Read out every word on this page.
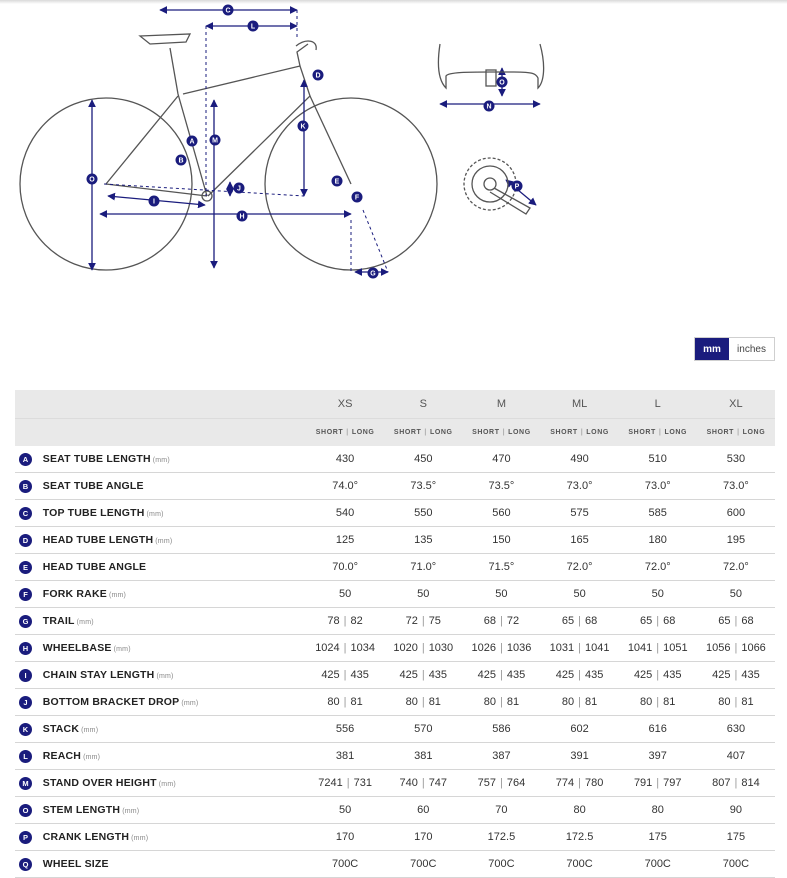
A
B
C
D
E
F
G
H
I
J
K
L
M
N
O
P
O
mm	inches
		XS	S	M	ML	L	XL
		SHORT | LONG	SHORT | LONG	SHORT | LONG	SHORT | LONG	SHORT | LONG	SHORT | LONG
A	SEAT TUBE LENGTH (mm)	430	450	470	490	510	530
B	SEAT TUBE ANGLE	74.0°	73.5°	73.5°	73.0°	73.0°	73.0°
C	TOP TUBE LENGTH (mm)	540	550	560	575	585	600
D	HEAD TUBE LENGTH (mm)	125	135	150	165	180	195
E	HEAD TUBE ANGLE	70.0°	71.0°	71.5°	72.0°	72.0°	72.0°
F	FORK RAKE (mm)	50	50	50	50	50	50
G	TRAIL (mm)	78 | 82	72 | 75	68 | 72	65 | 68	65 | 68	65 | 68
H	WHEELBASE (mm)	1024 | 1034	1020 | 1030	1026 | 1036	1031 | 1041	1041 | 1051	1056 | 1066
I	CHAIN STAY LENGTH (mm)	425 | 435	425 | 435	425 | 435	425 | 435	425 | 435	425 | 435
J	BOTTOM BRACKET DROP (mm)	80 | 81	80 | 81	80 | 81	80 | 81	80 | 81	80 | 81
K	STACK (mm)	556	570	586	602	616	630
L	REACH (mm)	381	381	387	391	397	407
M	STAND OVER HEIGHT (mm)	7241 | 731	740 | 747	757 | 764	774 | 780	791 | 797	807 | 814
O	STEM LENGTH (mm)	50	60	70	80	80	90
P	CRANK LENGTH (mm)	170	170	172.5	172.5	175	175
Q	WHEEL SIZE	700C	700C	700C	700C	700C	700C
